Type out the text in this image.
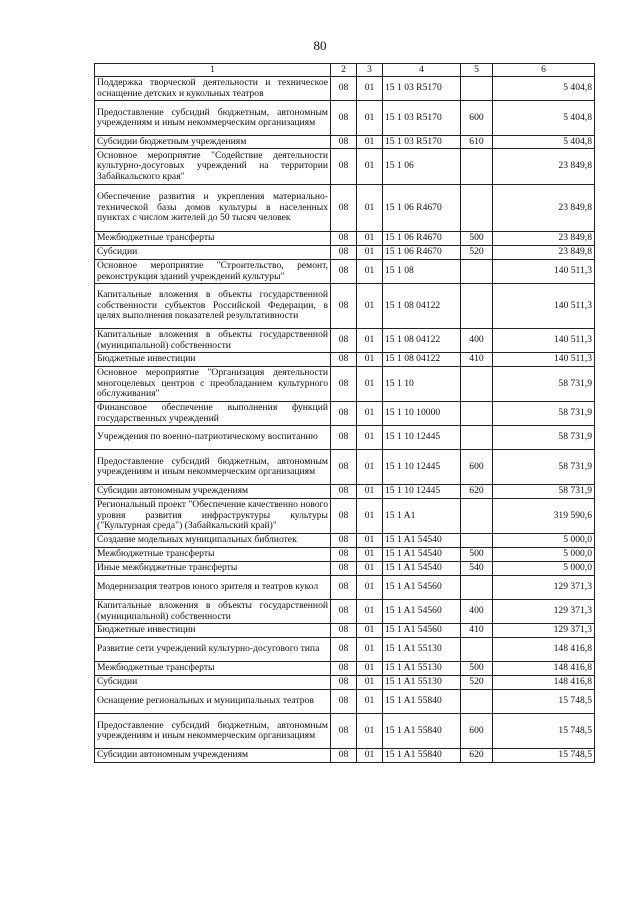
80
1	2	3	4	5	6
Поддержка творческой деятельности и техническое оснащение детских и кукольных театров	08	01	15 1 03 R5170		5 404,8
Предоставление субсидий бюджетным, автономным учреждениям и иным некоммерческим организациям	08	01	15 1 03 R5170	600	5 404,8
Субсидии бюджетным учреждениям	08	01	15 1 03 R5170	610	5 404,8
Основное мероприятие "Содействие деятельности культурно-досуговых учреждений на территории Забайкальского края"	08	01	15 1 06		23 849,8
Обеспечение развития и укрепления материально-технической базы домов культуры в населенных пунктах с числом жителей до 50 тысяч человек	08	01	15 1 06 R4670		23 849,8
Межбюджетные трансферты	08	01	15 1 06 R4670	500	23 849,8
Субсидии	08	01	15 1 06 R4670	520	23 849,8
Основное мероприятие "Строительство, ремонт, реконструкция зданий учреждений культуры"	08	01	15 1 08		140 511,3
Капитальные вложения в объекты государственной собственности субъектов Российской Федерации, в целях выполнения показателей результативности	08	01	15 1 08 04122		140 511,3
Капитальные вложения в объекты государственной (муниципальной) собственности	08	01	15 1 08 04122	400	140 511,3
Бюджетные инвестиции	08	01	15 1 08 04122	410	140 511,3
Основное мероприятие "Организация деятельности многоцелевых центров с преобладанием культурного обслуживания"	08	01	15 1 10		58 731,9
Финансовое обеспечение выполнения функций государственных учреждений	08	01	15 1 10 10000		58 731,9
Учреждения по военно-патриотическому воспитанию	08	01	15 1 10 12445		58 731,9
Предоставление субсидий бюджетным, автономным учреждениям и иным некоммерческим организациям	08	01	15 1 10 12445	600	58 731,9
Субсидии автономным учреждениям	08	01	15 1 10 12445	620	58 731,9
Региональный проект "Обеспечение качественно нового уровня развития инфраструктуры культуры ("Культурная среда") (Забайкальский край)"	08	01	15 1 A1		319 590,6
Создание модельных муниципальных библиотек	08	01	15 1 A1 54540		5 000,0
Межбюджетные трансферты	08	01	15 1 A1 54540	500	5 000,0
Иные межбюджетные трансферты	08	01	15 1 A1 54540	540	5 000,0
Модернизация театров юного зрителя и театров кукол	08	01	15 1 A1 54560		129 371,3
Капитальные вложения в объекты государственной (муниципальной) собственности	08	01	15 1 A1 54560	400	129 371,3
Бюджетные инвестиции	08	01	15 1 A1 54560	410	129 371,3
Развитие сети учреждений культурно-досугового типа	08	01	15 1 A1 55130		148 416,8
Межбюджетные трансферты	08	01	15 1 A1 55130	500	148 416,8
Субсидии	08	01	15 1 A1 55130	520	148 416,8
Оснащение региональных и муниципальных театров	08	01	15 1 A1 55840		15 748,5
Предоставление субсидий бюджетным, автономным учреждениям и иным некоммерческим организациям	08	01	15 1 A1 55840	600	15 748,5
Субсидии автономным учреждениям	08	01	15 1 A1 55840	620	15 748,5
